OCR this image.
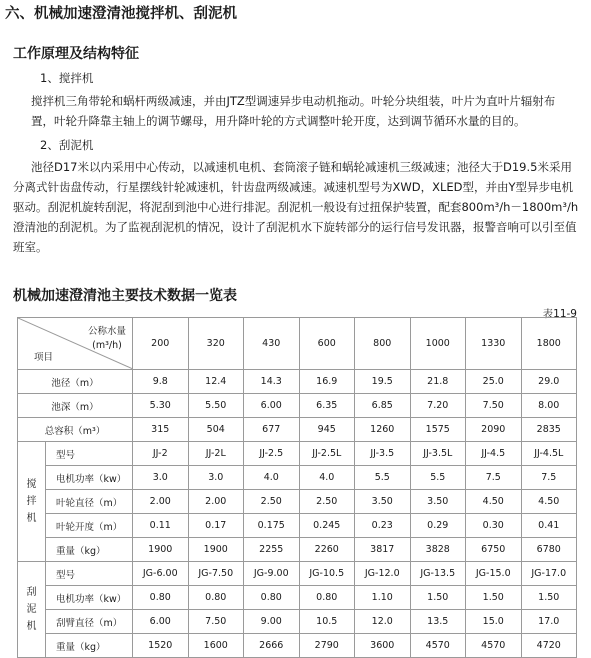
六、机械加速澄清池搅拌机、刮泥机
工作原理及结构特征
1、搅拌机
搅拌机三角带轮和蜗杆两级减速，并由JTZ型调速异步电动机拖动。叶轮分块组装，叶片为直叶片辐射布置，叶轮升降靠主轴上的调节螺母，用升降叶轮的方式调整叶轮开度，达到调节循环水量的目的。
2、刮泥机
池径D17米以内采用中心传动，以减速机电机、套筒滚子链和蜗轮减速机三级减速；池径大于D19.5米采用分离式针齿盘传动，行星摆线针轮减速机，针齿盘两级减速。减速机型号为XWD，XLED型，并由Y型异步电机驱动。刮泥机旋转刮泥，将泥刮到池中心进行排泥。刮泥机一般设有过扭保护装置，配套800m³/h－1800m³/h澄清池的刮泥机。为了监视刮泥机的情况，设计了刮泥机水下旋转部分的运行信号发讯器，报警音响可以引至值班室。
机械加速澄清池主要技术数据一览表
表11-9
公称水量
(m³/h)
项目		200	320	430	600	800	1000	1330	1800
池径（m）		9.8	12.4	14.3	16.9	19.5	21.8	25.0	29.0
池深（m）		5.30	5.50	6.00	6.35	6.85	7.20	7.50	8.00
总容积（m³）		315	504	677	945	1260	1575	2090	2835

搅
拌
机	型号	JJ-2	JJ-2L	JJ-2.5	JJ-2.5L	JJ-3.5	JJ-3.5L	JJ-4.5	JJ-4.5L
	电机功率（kw）	3.0	3.0	4.0	4.0	5.5	5.5	7.5	7.5
	叶轮直径（m）	2.00	2.00	2.50	2.50	3.50	3.50	4.50	4.50
	叶轮开度（m）	0.11	0.17	0.175	0.245	0.23	0.29	0.30	0.41
	重量（kg）	1900	1900	2255	2260	3817	3828	6750	6780

刮
泥
机	型号	JG-6.00	JG-7.50	JG-9.00	JG-10.5	JG-12.0	JG-13.5	JG-15.0	JG-17.0
	电机功率（kw）	0.80	0.80	0.80	0.80	1.10	1.50	1.50	1.50
	刮臂直径（m）	6.00	7.50	9.00	10.5	12.0	13.5	15.0	17.0
	重量（kg）	1520	1600	2666	2790	3600	4570	4570	4720
